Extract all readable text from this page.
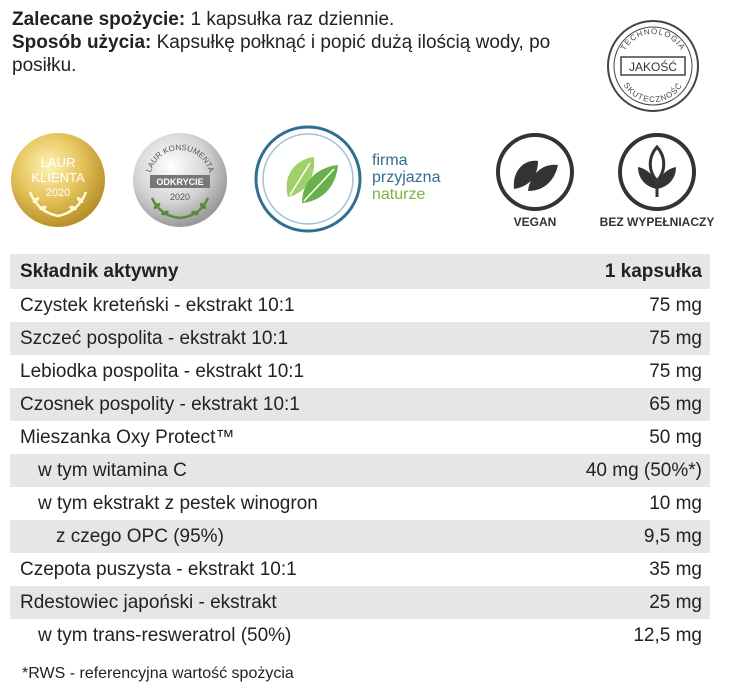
Zalecane spożycie: 1 kapsułka raz dziennie.
Sposób użycia: Kapsułkę połknąć i popić dużą ilością wody, po posiłku.
TECHNOLOGIA
SKUTECZNOŚĆ
JAKOŚĆ
LAUR
KLIENTA
2020
LAUR KONSUMENTA
ODKRYCIE
2020
firma
przyjazna
naturze
VEGAN	BEZ WYPEŁNIACZY
Składnik aktywny	1 kapsułka
Czystek kreteński - ekstrakt 10:1	75 mg
Szczeć pospolita - ekstrakt 10:1	75 mg
Lebiodka pospolita - ekstrakt 10:1	75 mg
Czosnek pospolity - ekstrakt 10:1	65 mg
Mieszanka Oxy Protect™	50 mg
w tym witamina C	40 mg (50%*)
w tym ekstrakt z pestek winogron	10 mg
z czego OPC (95%)	9,5 mg
Czepota puszysta - ekstrakt 10:1	35 mg
Rdestowiec japoński - ekstrakt	25 mg
w tym trans-resweratrol (50%)	12,5 mg
*RWS - referencyjna wartość spożycia
